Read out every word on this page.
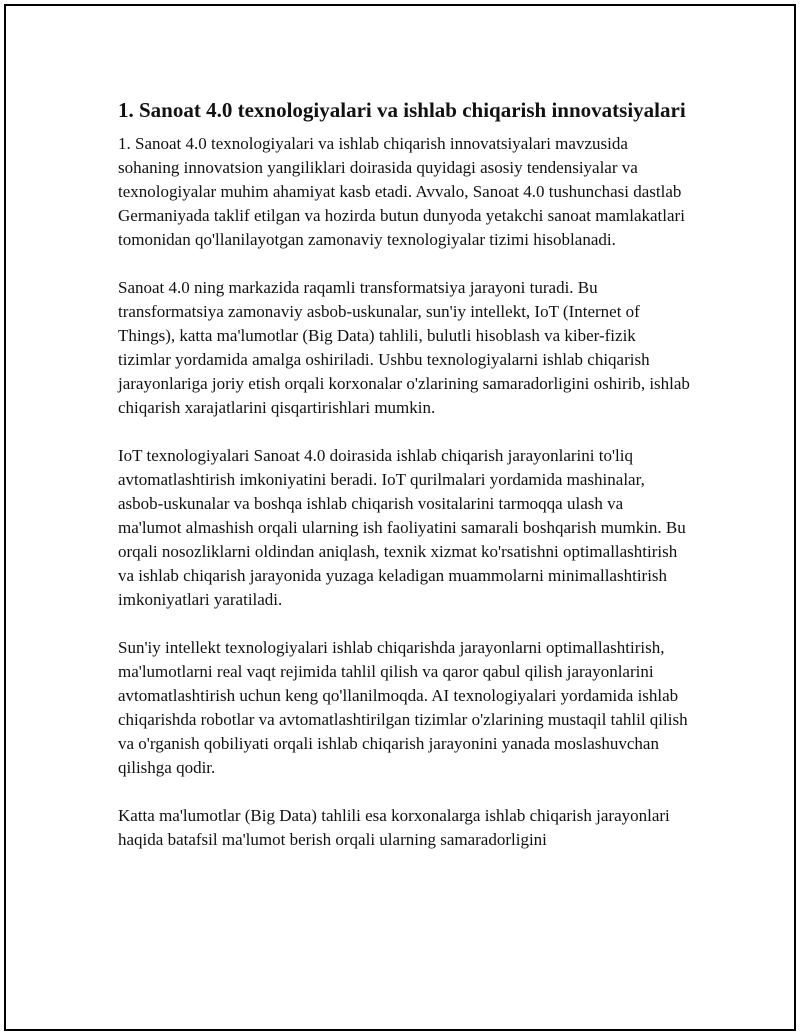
1. Sanoat 4.0 texnologiyalari va ishlab chiqarish innovatsiyalari

1. Sanoat 4.0 texnologiyalari va ishlab chiqarish innovatsiyalari mavzusida sohaning innovatsion yangiliklari doirasida quyidagi asosiy tendensiyalar va texnologiyalar muhim ahamiyat kasb etadi. Avvalo, Sanoat 4.0 tushunchasi dastlab Germaniyada taklif etilgan va hozirda butun dunyoda yetakchi sanoat mamlakatlari tomonidan qo'llanilayotgan zamonaviy texnologiyalar tizimi hisoblanadi.

Sanoat 4.0 ning markazida raqamli transformatsiya jarayoni turadi. Bu transformatsiya zamonaviy asbob-uskunalar, sun'iy intellekt, IoT (Internet of Things), katta ma'lumotlar (Big Data) tahlili, bulutli hisoblash va kiber-fizik tizimlar yordamida amalga oshiriladi. Ushbu texnologiyalarni ishlab chiqarish jarayonlariga joriy etish orqali korxonalar o'zlarining samaradorligini oshirib, ishlab chiqarish xarajatlarini qisqartirishlari mumkin.

IoT texnologiyalari Sanoat 4.0 doirasida ishlab chiqarish jarayonlarini to'liq avtomatlashtirish imkoniyatini beradi. IoT qurilmalari yordamida mashinalar, asbob-uskunalar va boshqa ishlab chiqarish vositalarini tarmoqqa ulash va ma'lumot almashish orqali ularning ish faoliyatini samarali boshqarish mumkin. Bu orqali nosozliklarni oldindan aniqlash, texnik xizmat ko'rsatishni optimallashtirish va ishlab chiqarish jarayonida yuzaga keladigan muammolarni minimallashtirish imkoniyatlari yaratiladi.

Sun'iy intellekt texnologiyalari ishlab chiqarishda jarayonlarni optimallashtirish, ma'lumotlarni real vaqt rejimida tahlil qilish va qaror qabul qilish jarayonlarini avtomatlashtirish uchun keng qo'llanilmoqda. AI texnologiyalari yordamida ishlab chiqarishda robotlar va avtomatlashtirilgan tizimlar o'zlarining mustaqil tahlil qilish va o'rganish qobiliyati orqali ishlab chiqarish jarayonini yanada moslashuvchan qilishga qodir.

Katta ma'lumotlar (Big Data) tahlili esa korxonalarga ishlab chiqarish jarayonlari haqida batafsil ma'lumot berish orqali ularning samaradorligini
